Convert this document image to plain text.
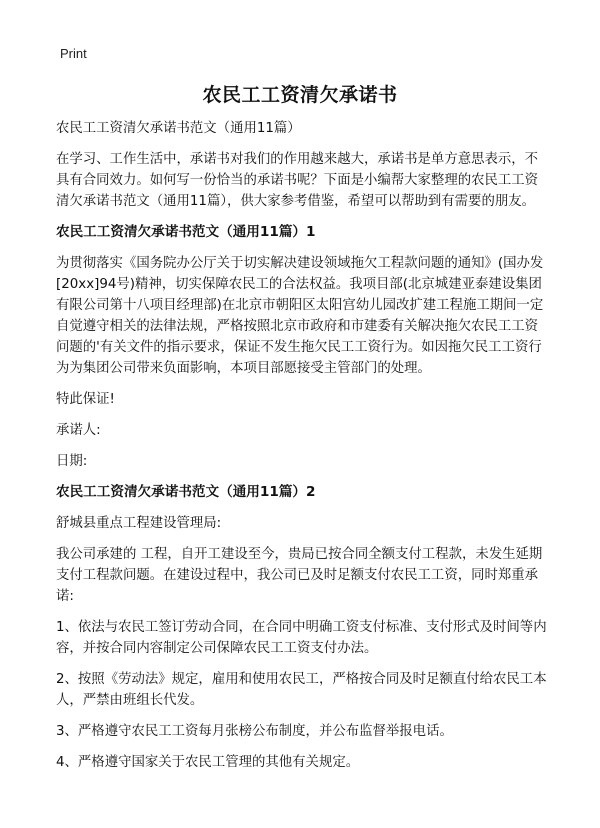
Print
农民工工资清欠承诺书

农民工工资清欠承诺书范文（通用11篇）

在学习、工作生活中，承诺书对我们的作用越来越大，承诺书是单方意思表示，不具有合同效力。如何写一份恰当的承诺书呢？下面是小编帮大家整理的农民工工资清欠承诺书范文（通用11篇），供大家参考借鉴，希望可以帮助到有需要的朋友。

农民工工资清欠承诺书范文（通用11篇）1

为贯彻落实《国务院办公厅关于切实解决建设领域拖欠工程款问题的通知》(国办发[20xx]94号)精神，切实保障农民工的合法权益。我项目部(北京城建亚泰建设集团有限公司第十八项目经理部)在北京市朝阳区太阳宫幼儿园改扩建工程施工期间一定自觉遵守相关的法律法规，严格按照北京市政府和市建委有关解决拖欠农民工工资问题的'有关文件的指示要求，保证不发生拖欠民工工资行为。如因拖欠民工工资行为为集团公司带来负面影响，本项目部愿接受主管部门的处理。

特此保证!

承诺人:

日期:

农民工工资清欠承诺书范文（通用11篇）2

舒城县重点工程建设管理局:

我公司承建的 工程，自开工建设至今，贵局已按合同全额支付工程款，未发生延期支付工程款问题。在建设过程中，我公司已及时足额支付农民工工资，同时郑重承诺:

1、依法与农民工签订劳动合同，在合同中明确工资支付标准、支付形式及时间等内容，并按合同内容制定公司保障农民工工资支付办法。

2、按照《劳动法》规定，雇用和使用农民工，严格按合同及时足额直付给农民工本人，严禁由班组长代发。

3、严格遵守农民工工资每月张榜公布制度，并公布监督举报电话。

4、严格遵守国家关于农民工管理的其他有关规定。
